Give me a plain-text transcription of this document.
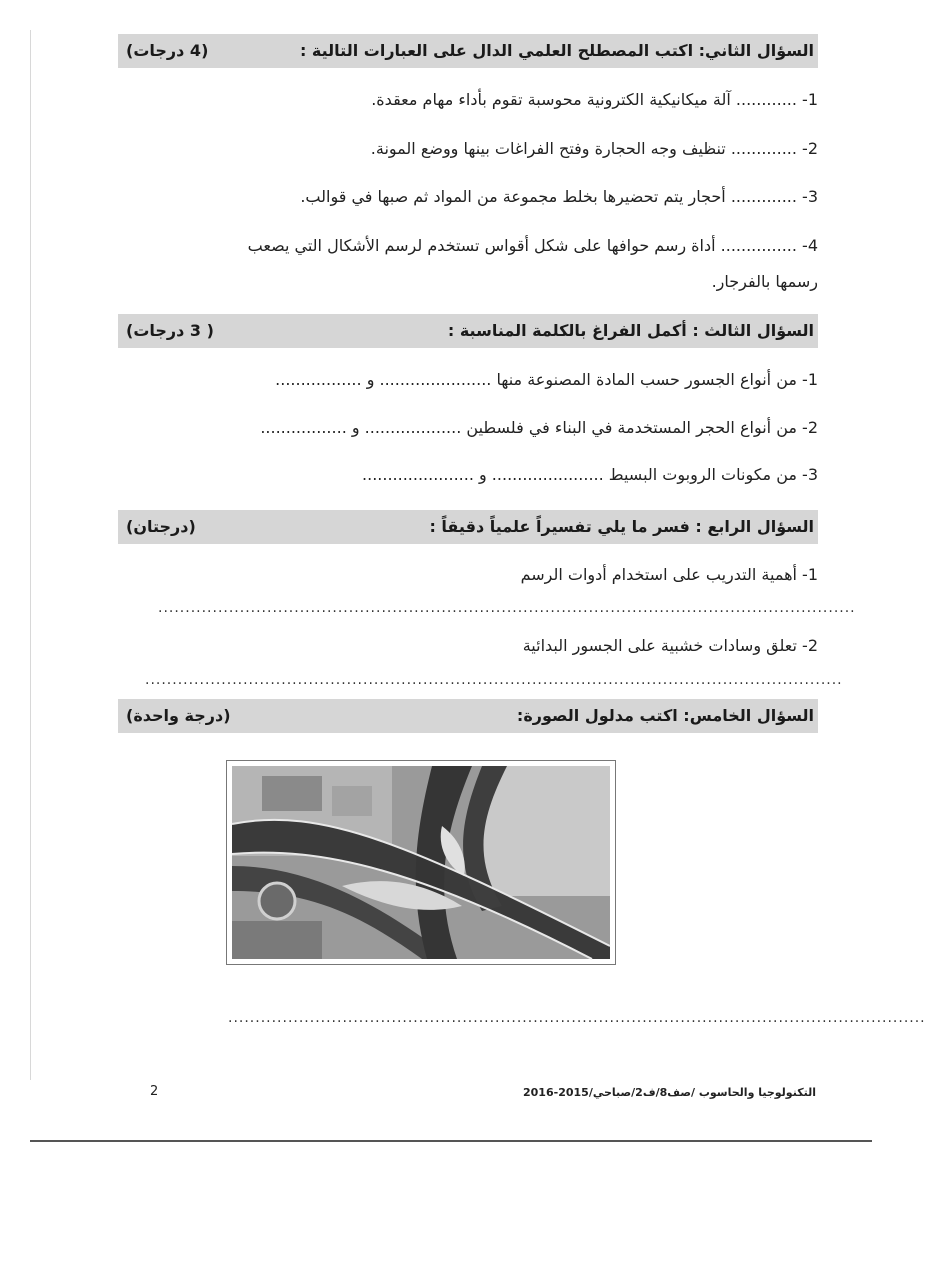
السؤال الثاني: اكتب المصطلح العلمي الدال على العبارات التالية :
(4 درجات)
1- ............ آلة ميكانيكية الكترونية محوسبة تقوم بأداء مهام معقدة.
2- ............. تنظيف وجه الحجارة وفتح الفراغات بينها ووضع المونة.
3- ............. أحجار يتم تحضيرها بخلط مجموعة من المواد ثم صبها في قوالب.
4- ............... أداة رسم حوافها على شكل أقواس تستخدم لرسم الأشكال التي يصعب
رسمها بالفرجار.
السؤال الثالث : أكمل الفراغ بالكلمة المناسبة :
( 3 درجات)
1- من أنواع الجسور حسب المادة المصنوعة منها ...................... و .................
2- من أنواع الحجر المستخدمة في البناء في فلسطين ................... و .................
3- من مكونات الروبوت البسيط ...................... و ......................
السؤال الرابع : فسر ما يلي تفسيراً علمياً دقيقاً :
(درجتان)
1- أهمية التدريب على استخدام أدوات الرسم
................................................................................................................................
2- تعلق وسادات خشبية على الجسور البدائية
................................................................................................................................
السؤال الخامس: اكتب مدلول الصورة:
(درجة واحدة)
................................................................................................................................
2	التكنولوجيا والحاسوب /صف8/ف2/صباحي/2015-2016
